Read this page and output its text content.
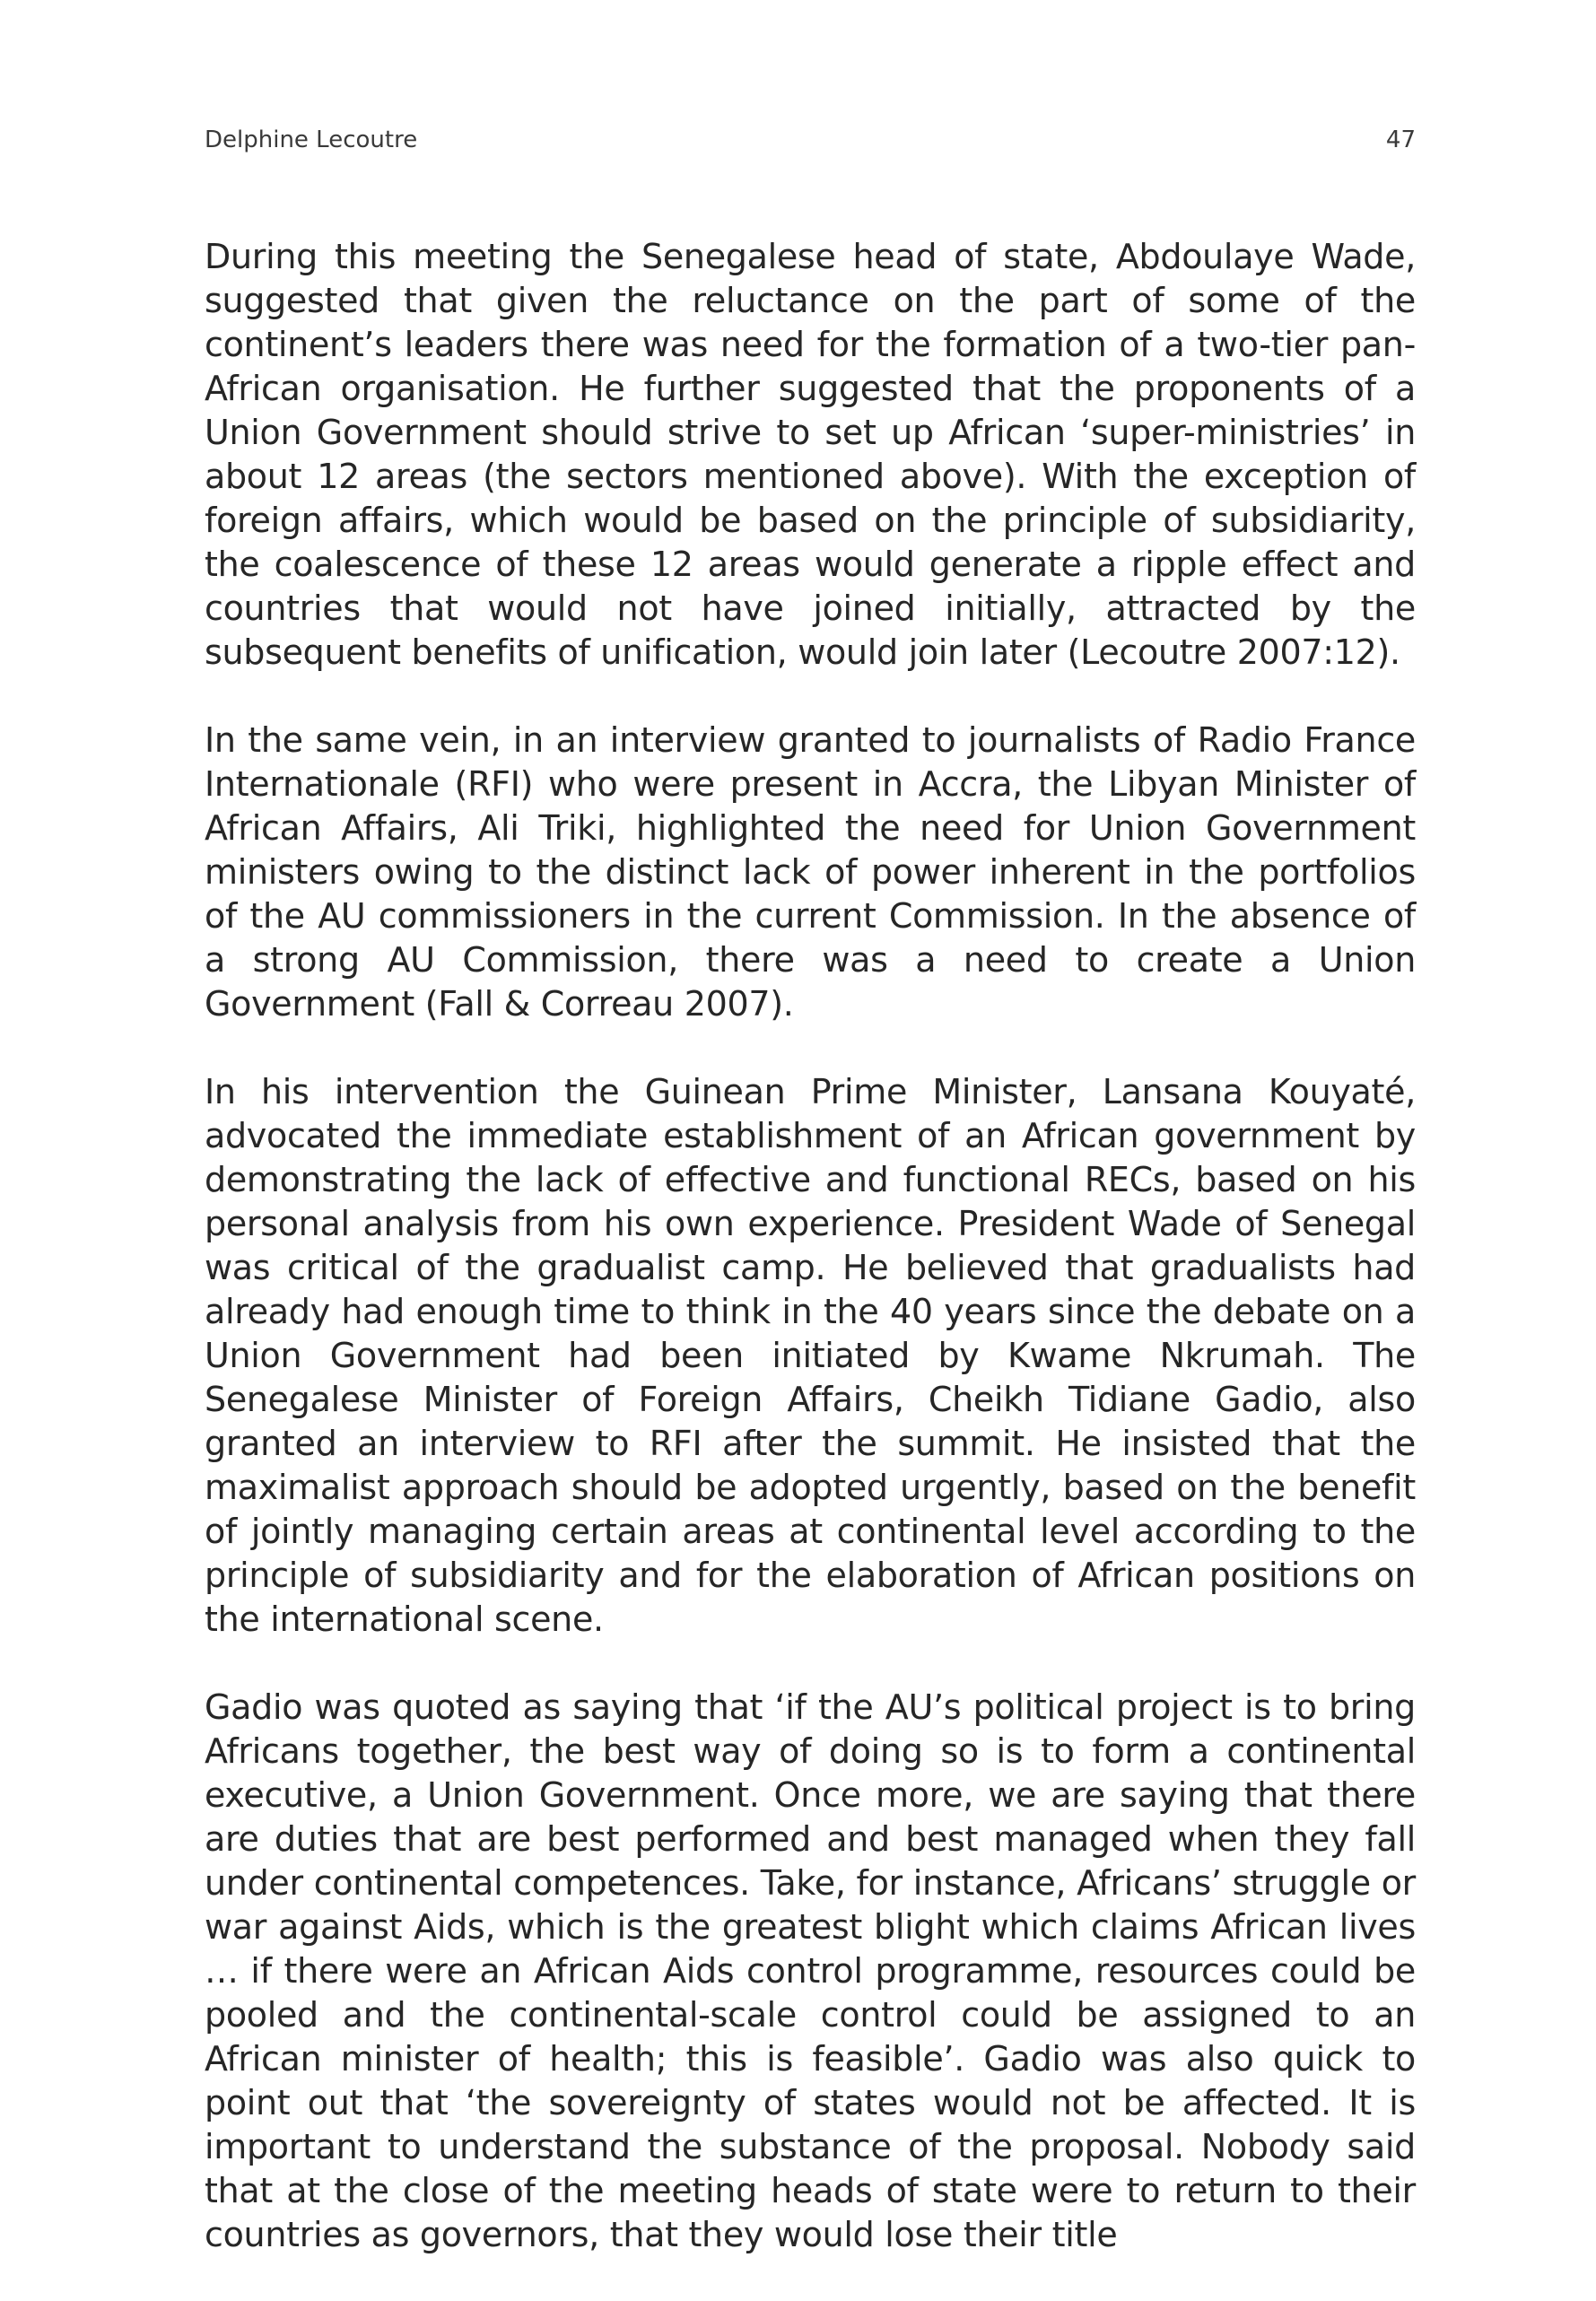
Delphine Lecoutre	47

During this meeting the Senegalese head of state, Abdoulaye Wade, suggested that given the reluctance on the part of some of the continent’s leaders there was need for the formation of a two-tier pan-African organisation. He further suggested that the proponents of a Union Government should strive to set up African ‘super-ministries’ in about 12 areas (the sectors mentioned above). With the exception of foreign affairs, which would be based on the principle of subsidiarity, the coalescence of these 12 areas would generate a ripple effect and countries that would not have joined initially, attracted by the subsequent benefits of unification, would join later (Lecoutre 2007:12).

In the same vein, in an interview granted to journalists of Radio France Internationale (RFI) who were present in Accra, the Libyan Minister of African Affairs, Ali Triki, highlighted the need for Union Government ministers owing to the distinct lack of power inherent in the portfolios of the AU commissioners in the current Commission. In the absence of a strong AU Commission, there was a need to create a Union Government (Fall & Correau 2007).

In his intervention the Guinean Prime Minister, Lansana Kouyaté, advocated the immediate establishment of an African government by demonstrating the lack of effective and functional RECs, based on his personal analysis from his own experience. President Wade of Senegal was critical of the gradualist camp. He believed that gradualists had already had enough time to think in the 40 years since the debate on a Union Government had been initiated by Kwame Nkrumah. The Senegalese Minister of Foreign Affairs, Cheikh Tidiane Gadio, also granted an interview to RFI after the summit. He insisted that the maximalist approach should be adopted urgently, based on the benefit of jointly managing certain areas at continental level according to the principle of subsidiarity and for the elaboration of African positions on the international scene.

Gadio was quoted as saying that ‘if the AU’s political project is to bring Africans together, the best way of doing so is to form a continental executive, a Union Government. Once more, we are saying that there are duties that are best performed and best managed when they fall under continental competences. Take, for instance, Africans’ struggle or war against Aids, which is the greatest blight which claims African lives … if there were an African Aids control programme, resources could be pooled and the continental-scale control could be assigned to an African minister of health; this is feasible’. Gadio was also quick to point out that ‘the sovereignty of states would not be affected. It is important to understand the substance of the proposal. Nobody said that at the close of the meeting heads of state were to return to their countries as governors, that they would lose their title
